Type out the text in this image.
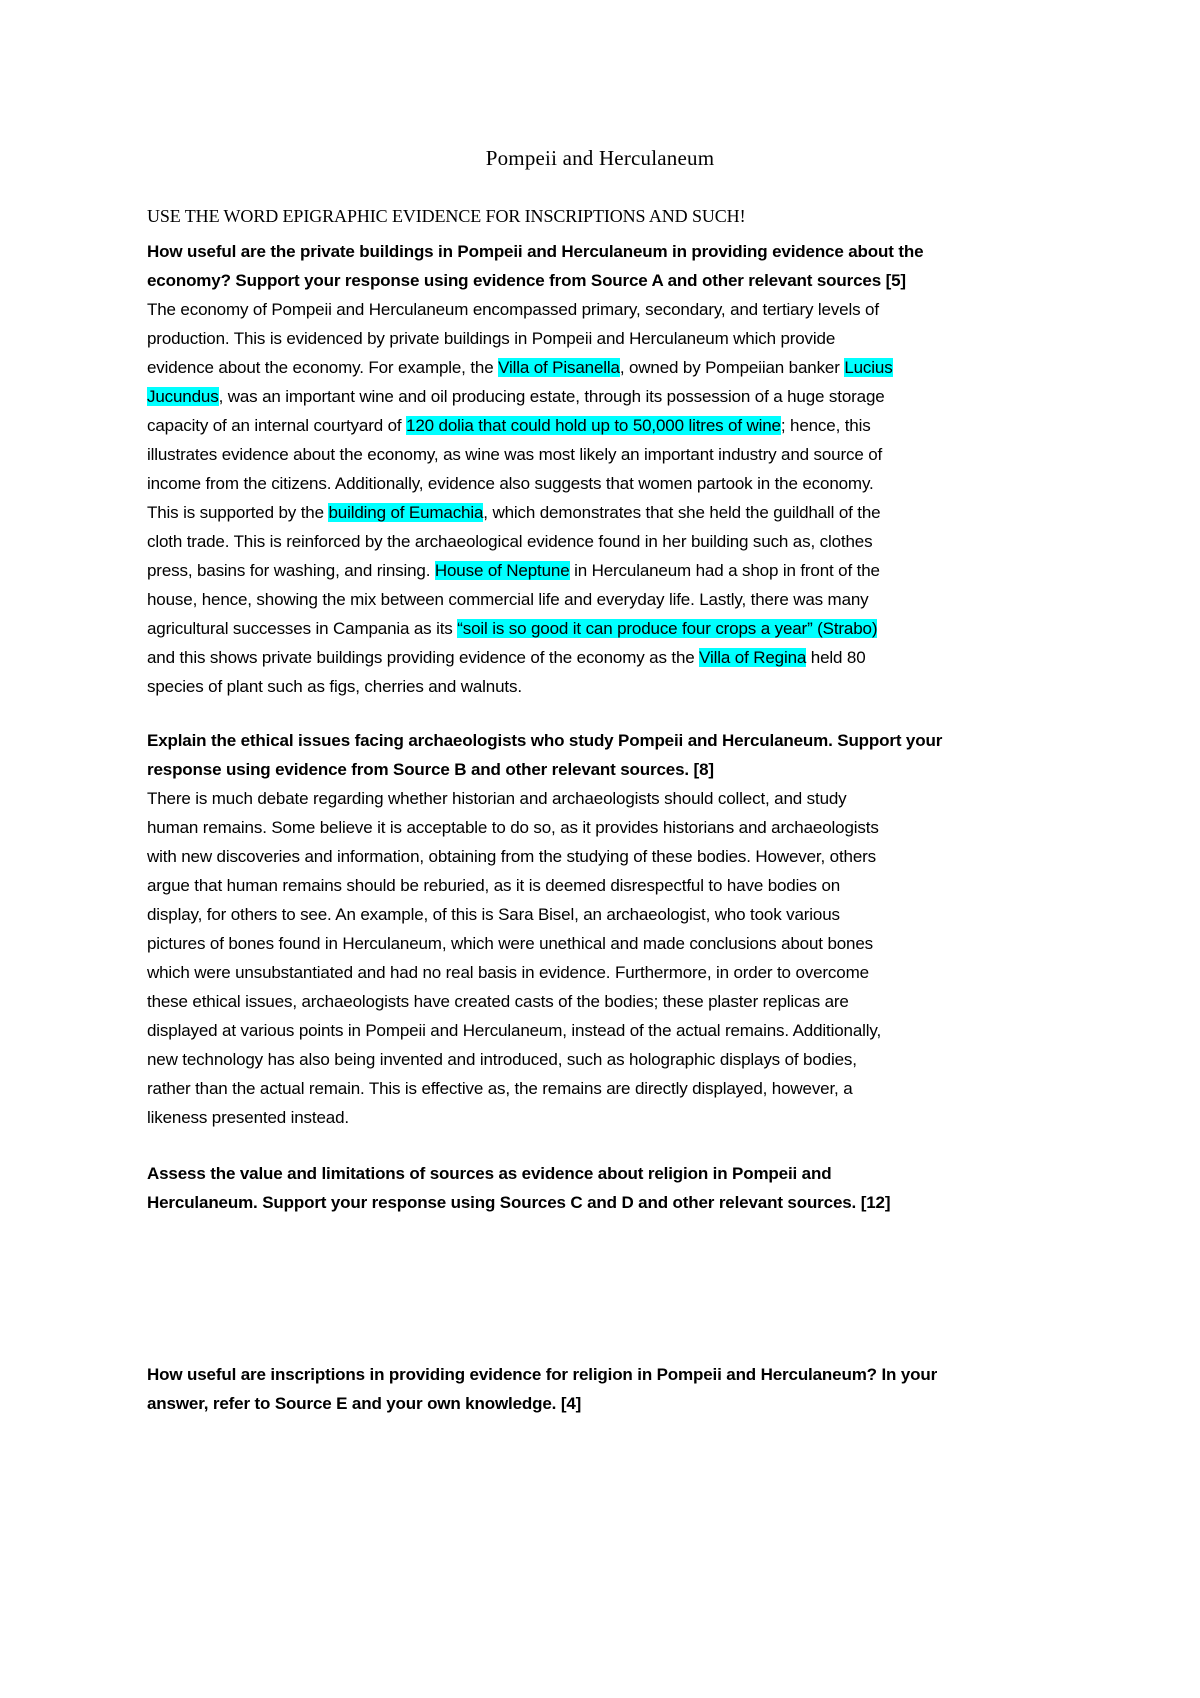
Pompeii and Herculaneum
USE THE WORD EPIGRAPHIC EVIDENCE FOR INSCRIPTIONS AND SUCH!
How useful are the private buildings in Pompeii and Herculaneum in providing evidence about the
economy? Support your response using evidence from Source A and other relevant sources [5]
The economy of Pompeii and Herculaneum encompassed primary, secondary, and tertiary levels of
production. This is evidenced by private buildings in Pompeii and Herculaneum which provide
evidence about the economy. For example, the Villa of Pisanella, owned by Pompeiian banker Lucius
Jucundus, was an important wine and oil producing estate, through its possession of a huge storage
capacity of an internal courtyard of 120 dolia that could hold up to 50,000 litres of wine; hence, this
illustrates evidence about the economy, as wine was most likely an important industry and source of
income from the citizens. Additionally, evidence also suggests that women partook in the economy.
This is supported by the building of Eumachia, which demonstrates that she held the guildhall of the
cloth trade. This is reinforced by the archaeological evidence found in her building such as, clothes
press, basins for washing, and rinsing. House of Neptune in Herculaneum had a shop in front of the
house, hence, showing the mix between commercial life and everyday life. Lastly, there was many
agricultural successes in Campania as its “soil is so good it can produce four crops a year” (Strabo)
and this shows private buildings providing evidence of the economy as the Villa of Regina held 80
species of plant such as figs, cherries and walnuts.
Explain the ethical issues facing archaeologists who study Pompeii and Herculaneum. Support your
response using evidence from Source B and other relevant sources. [8]
There is much debate regarding whether historian and archaeologists should collect, and study
human remains. Some believe it is acceptable to do so, as it provides historians and archaeologists
with new discoveries and information, obtaining from the studying of these bodies. However, others
argue that human remains should be reburied, as it is deemed disrespectful to have bodies on
display, for others to see. An example, of this is Sara Bisel, an archaeologist, who took various
pictures of bones found in Herculaneum, which were unethical and made conclusions about bones
which were unsubstantiated and had no real basis in evidence. Furthermore, in order to overcome
these ethical issues, archaeologists have created casts of the bodies; these plaster replicas are
displayed at various points in Pompeii and Herculaneum, instead of the actual remains. Additionally,
new technology has also being invented and introduced, such as holographic displays of bodies,
rather than the actual remain. This is effective as, the remains are directly displayed, however, a
likeness presented instead.
Assess the value and limitations of sources as evidence about religion in Pompeii and
Herculaneum. Support your response using Sources C and D and other relevant sources. [12]
How useful are inscriptions in providing evidence for religion in Pompeii and Herculaneum? In your
answer, refer to Source E and your own knowledge. [4]
